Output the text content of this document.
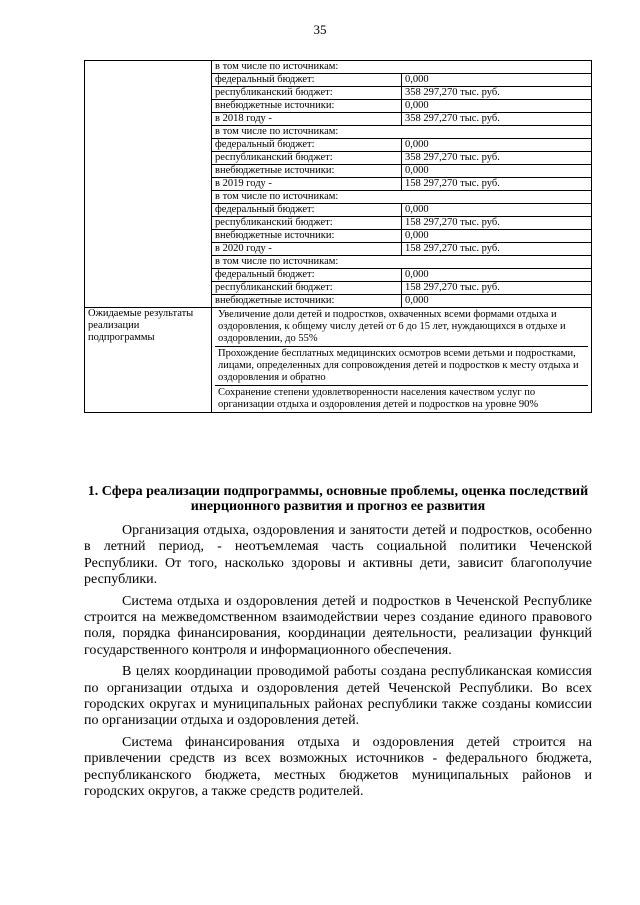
35
	в том числе по источникам:	
	федеральный бюджет:	0,000
	республиканский бюджет:	358 297,270 тыс. руб.
	внебюджетные источники:	0,000
	в 2018 году -	358 297,270 тыс. руб.
	в том числе по источникам:	
	федеральный бюджет:	0,000
	республиканский бюджет:	358 297,270 тыс. руб.
	внебюджетные источники:	0,000
	в 2019 году -	158 297,270 тыс. руб.
	в том числе по источникам:	
	федеральный бюджет:	0,000
	республиканский бюджет:	158 297,270 тыс. руб.
	внебюджетные источники:	0,000
	в 2020 году -	158 297,270 тыс. руб.
	в том числе по источникам:	
	федеральный бюджет:	0,000
	республиканский бюджет:	158 297,270 тыс. руб.
	внебюджетные источники:	0,000
Ожидаемые результаты реализации подпрограммы	Увеличение доли детей и подростков, охваченных всеми формами отдыха и оздоровления, к общему числу детей от 6 до 15 лет, нуждающихся в отдыхе и оздоровлении, до 55%
Прохождение бесплатных медицинских осмотров всеми детьми и подростками, лицами, определенных для сопровождения детей и подростков к месту отдыха и оздоровления и обратно
Сохранение степени удовлетворенности населения качеством услуг по организации отдыха и оздоровления детей и подростков на уровне 90%	
1. Сфера реализации подпрограммы, основные проблемы, оценка последствий инерционного развития и прогноз ее развития

Организация отдыха, оздоровления и занятости детей и подростков, особенно в летний период, - неотъемлемая часть социальной политики Чеченской Республики. От того, насколько здоровы и активны дети, зависит благополучие республики.

Система отдыха и оздоровления детей и подростков в Чеченской Республике строится на межведомственном взаимодействии через создание единого правового поля, порядка финансирования, координации деятельности, реализации функций государственного контроля и информационного обеспечения.

В целях координации проводимой работы создана республиканская комиссия по организации отдыха и оздоровления детей Чеченской Республики. Во всех городских округах и муниципальных районах республики также созданы комиссии по организации отдыха и оздоровления детей.

Система финансирования отдыха и оздоровления детей строится на привлечении средств из всех возможных источников - федерального бюджета, республиканского бюджета, местных бюджетов муниципальных районов и городских округов, а также средств родителей.
